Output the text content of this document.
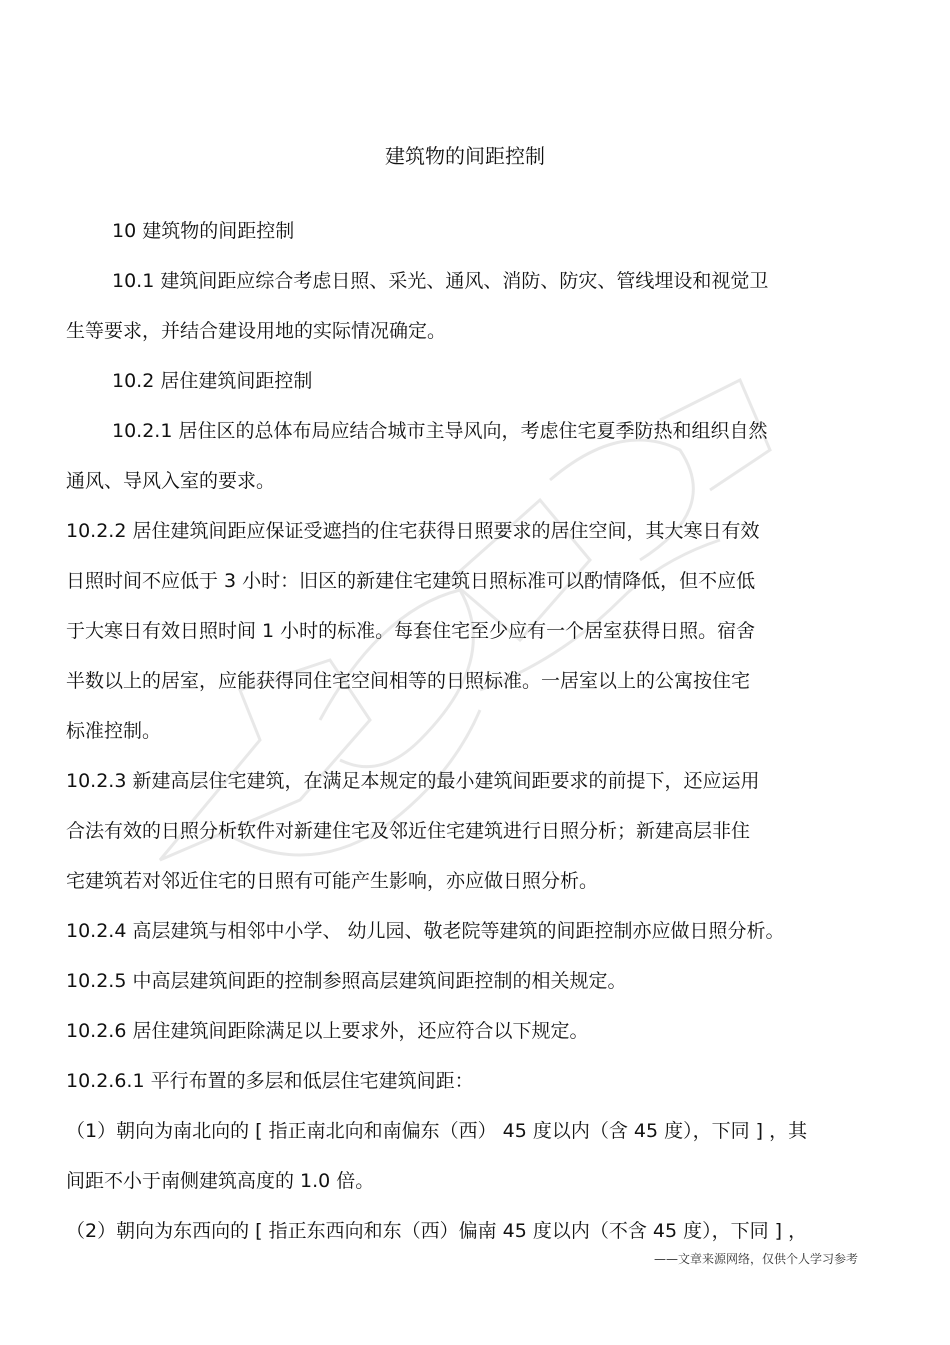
建筑物的间距控制
10 建筑物的间距控制
10.1 建筑间距应综合考虑日照、采光、通风、消防、防灾、管线埋设和视觉卫
生等要求，并结合建设用地的实际情况确定。
10.2 居住建筑间距控制
10.2.1 居住区的总体布局应结合城市主导风向，考虑住宅夏季防热和组织自然
通风、导风入室的要求。
10.2.2 居住建筑间距应保证受遮挡的住宅获得日照要求的居住空间，其大寒日有效
日照时间不应低于 3 小时：旧区的新建住宅建筑日照标准可以酌情降低，但不应低
于大寒日有效日照时间 1 小时的标准。每套住宅至少应有一个居室获得日照。宿舍
半数以上的居室，应能获得同住宅空间相等的日照标准。一居室以上的公寓按住宅
标准控制。
10.2.3 新建高层住宅建筑，在满足本规定的最小建筑间距要求的前提下，还应运用
合法有效的日照分析软件对新建住宅及邻近住宅建筑进行日照分析；新建高层非住
宅建筑若对邻近住宅的日照有可能产生影响，亦应做日照分析。
10.2.4 高层建筑与相邻中小学、 幼儿园、敬老院等建筑的间距控制亦应做日照分析。
10.2.5 中高层建筑间距的控制参照高层建筑间距控制的相关规定。
10.2.6 居住建筑间距除满足以上要求外，还应符合以下规定。
10.2.6.1 平行布置的多层和低层住宅建筑间距：
（1）朝向为南北向的 [ 指正南北向和南偏东（西） 45 度以内（含 45 度），下同 ] ，其
间距不小于南侧建筑高度的 1.0 倍。
（2）朝向为东西向的 [ 指正东西向和东（西）偏南 45 度以内（不含 45 度），下同 ] ，
——文章来源网络，仅供个人学习参考
